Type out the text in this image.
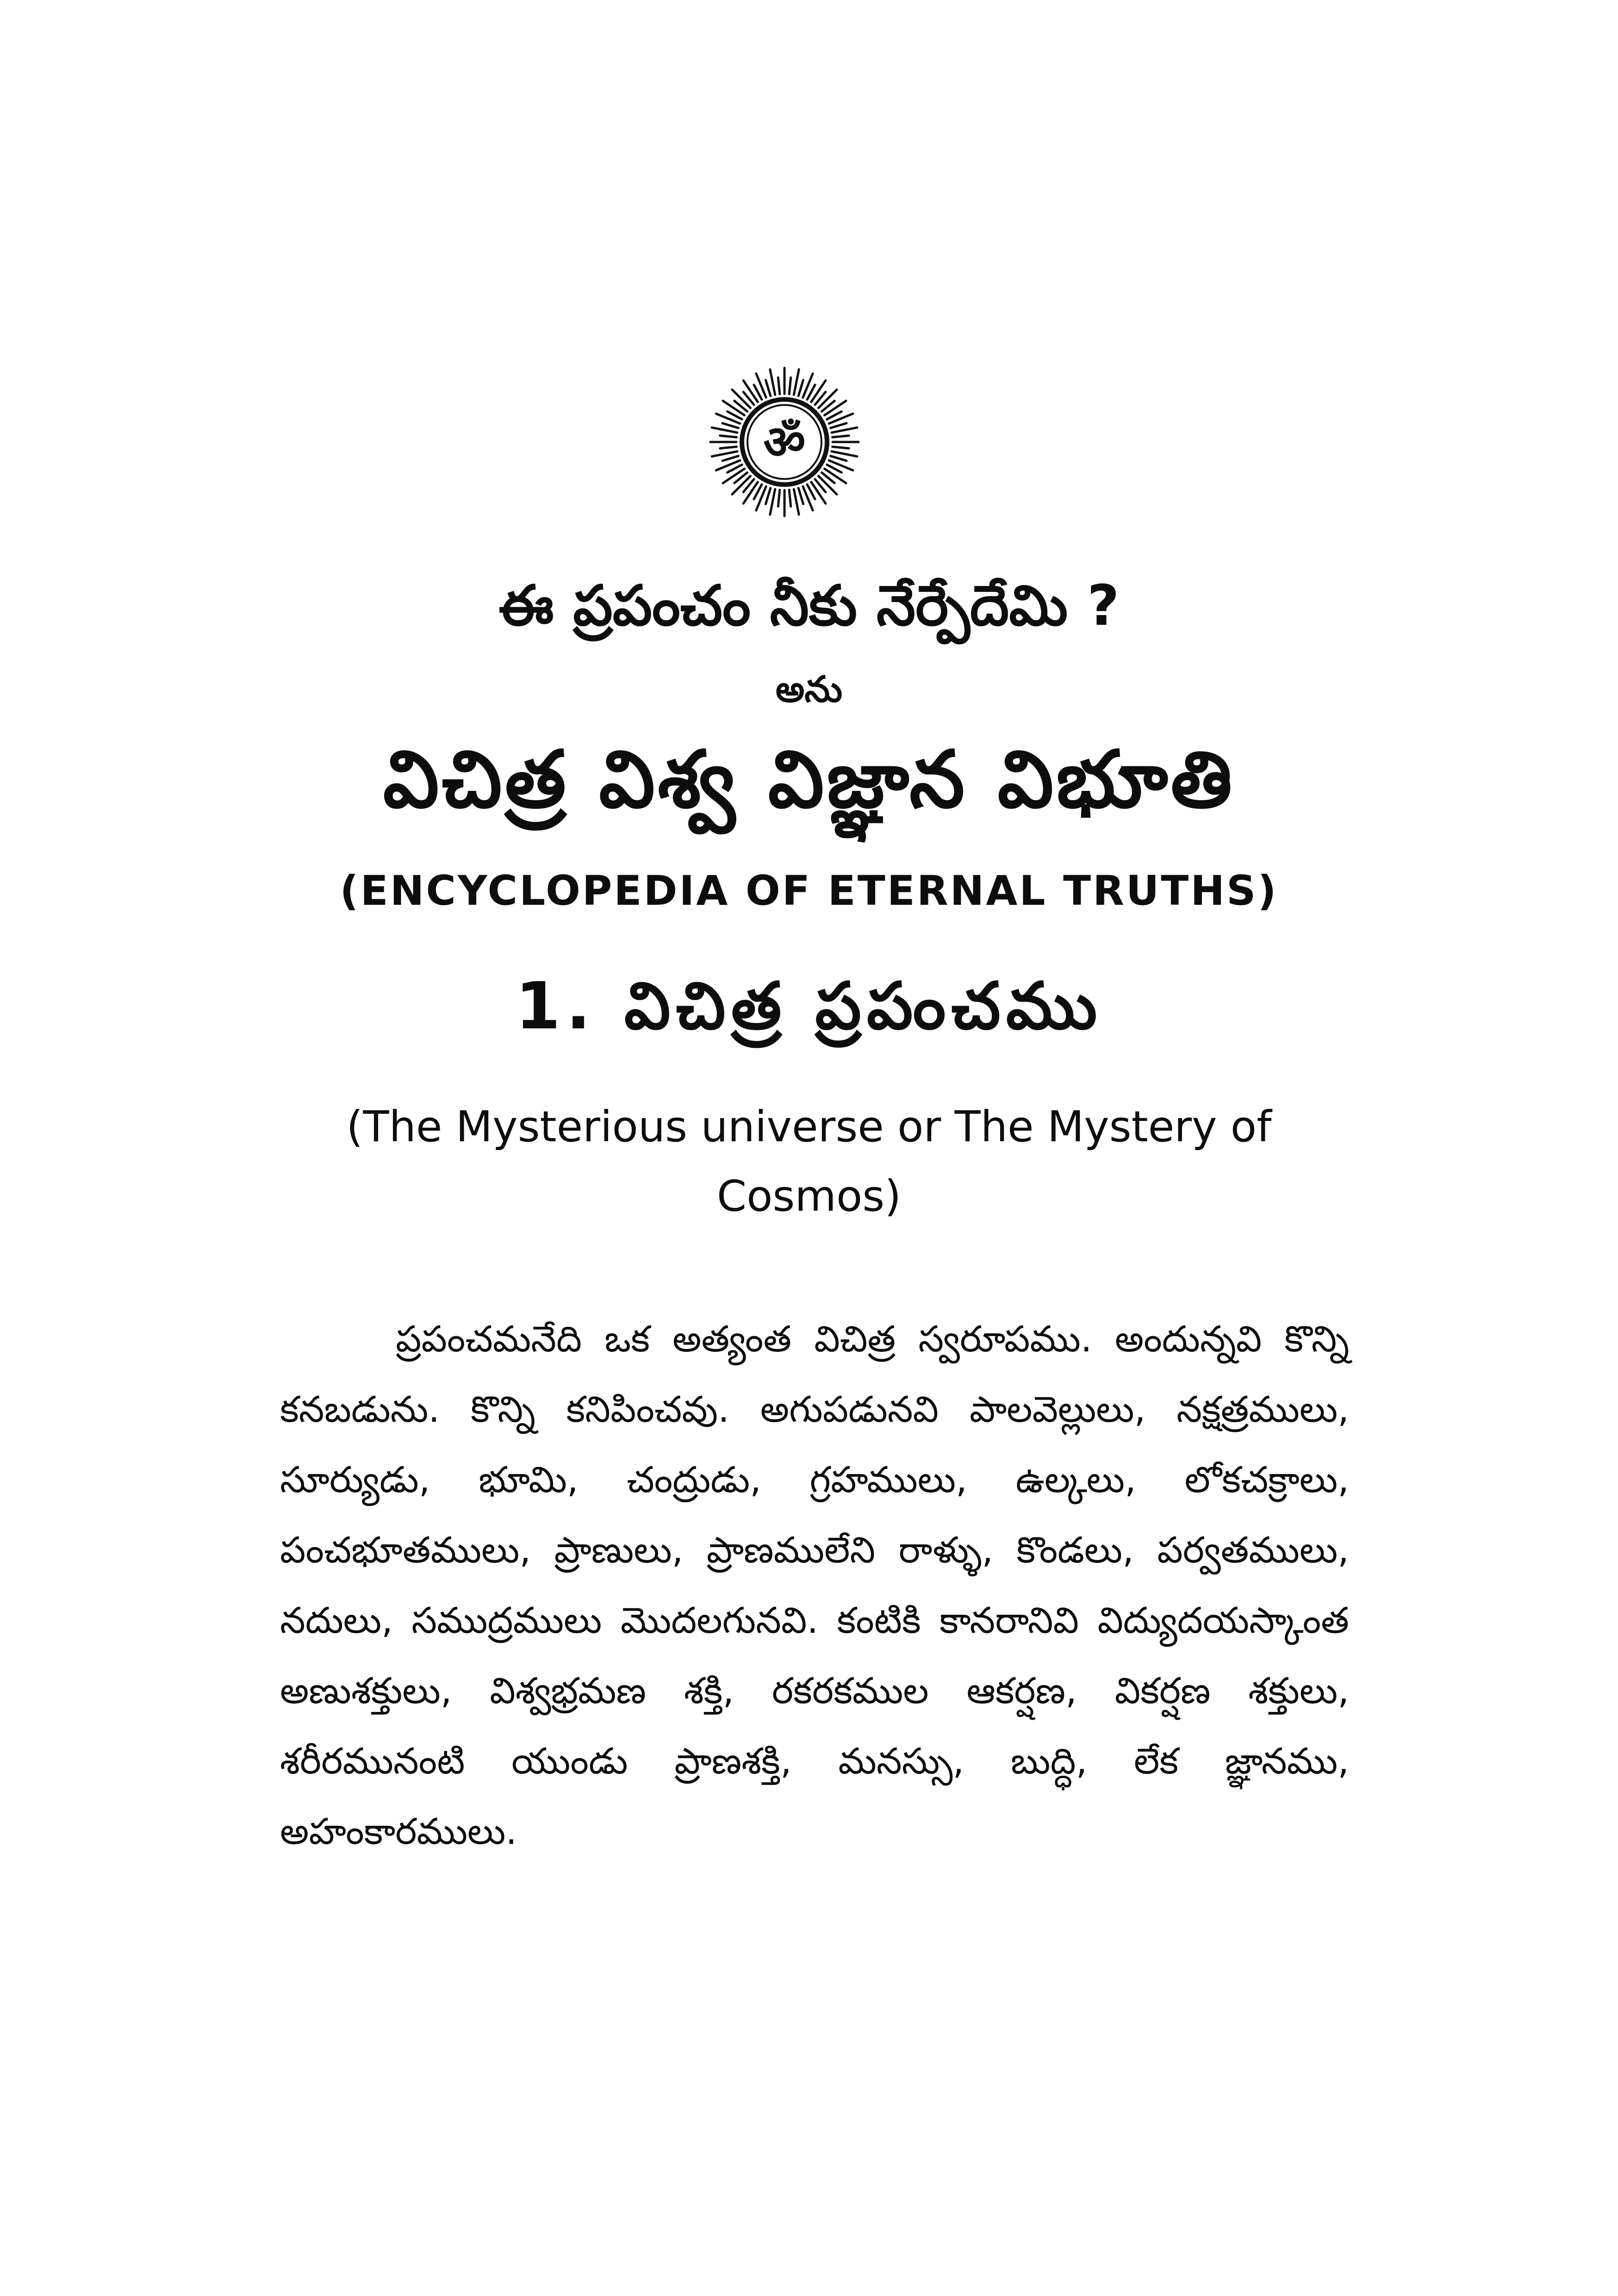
ॐ
ఈ ప్రపంచం నీకు నేర్పేదేమి ?
అను
విచిత్ర విశ్వ విజ్ఞాన విభూతి
(ENCYCLOPEDIA OF ETERNAL TRUTHS)
1. విచిత్ర ప్రపంచము
(The Mysterious universe or The Mystery of
Cosmos)

ప్రపంచమనేది ఒక అత్యంత విచిత్ర స్వరూపము. అందున్నవి కొన్ని కనబడును. కొన్ని కనిపించవు. అగుపడునవి పాలవెల్లులు, నక్షత్రములు, సూర్యుడు, భూమి, చంద్రుడు, గ్రహములు, ఉల్కలు, లోకచక్రాలు, పంచభూతములు, ప్రాణులు, ప్రాణములేని రాళ్ళు, కొండలు, పర్వతములు, నదులు, సముద్రములు మొదలగునవి. కంటికి కానరానివి విద్యుదయస్కాంత అణుశక్తులు, విశ్వభ్రమణ శక్తి, రకరకముల ఆకర్షణ, వికర్షణ శక్తులు, శరీరమునంటి యుండు ప్రాణశక్తి, మనస్సు, బుద్ధి, లేక జ్ఞానము, అహంకారములు.
